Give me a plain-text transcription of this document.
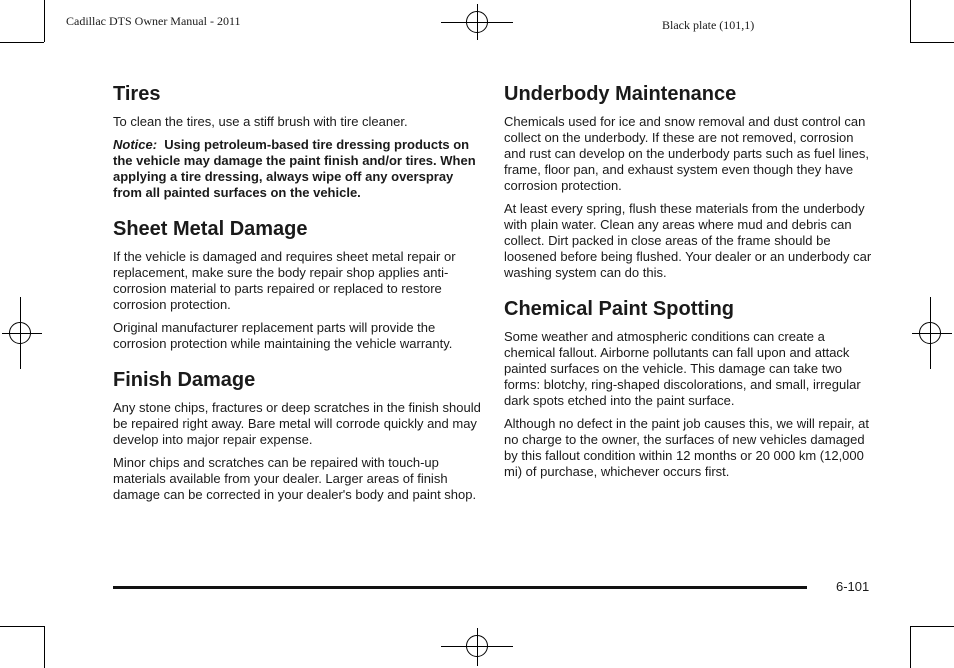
Cadillac DTS Owner Manual - 2011	Black plate (101,1)
Tires

To clean the tires, use a stiff brush with tire cleaner.

Notice: Using petroleum-based tire dressing products on the vehicle may damage the paint finish and/or tires. When applying a tire dressing, always wipe off any overspray from all painted surfaces on the vehicle.

Sheet Metal Damage

If the vehicle is damaged and requires sheet metal repair or replacement, make sure the body repair shop applies anti-corrosion material to parts repaired or replaced to restore corrosion protection.

Original manufacturer replacement parts will provide the corrosion protection while maintaining the vehicle warranty.

Finish Damage

Any stone chips, fractures or deep scratches in the finish should be repaired right away. Bare metal will corrode quickly and may develop into major repair expense.

Minor chips and scratches can be repaired with touch-up materials available from your dealer. Larger areas of finish damage can be corrected in your dealer's body and paint shop.

Underbody Maintenance

Chemicals used for ice and snow removal and dust control can collect on the underbody. If these are not removed, corrosion and rust can develop on the underbody parts such as fuel lines, frame, floor pan, and exhaust system even though they have corrosion protection.

At least every spring, flush these materials from the underbody with plain water. Clean any areas where mud and debris can collect. Dirt packed in close areas of the frame should be loosened before being flushed. Your dealer or an underbody car washing system can do this.

Chemical Paint Spotting

Some weather and atmospheric conditions can create a chemical fallout. Airborne pollutants can fall upon and attack painted surfaces on the vehicle. This damage can take two forms: blotchy, ring-shaped discolorations, and small, irregular dark spots etched into the paint surface.

Although no defect in the paint job causes this, we will repair, at no charge to the owner, the surfaces of new vehicles damaged by this fallout condition within 12 months or 20 000 km (12,000 mi) of purchase, whichever occurs first.

6-101
